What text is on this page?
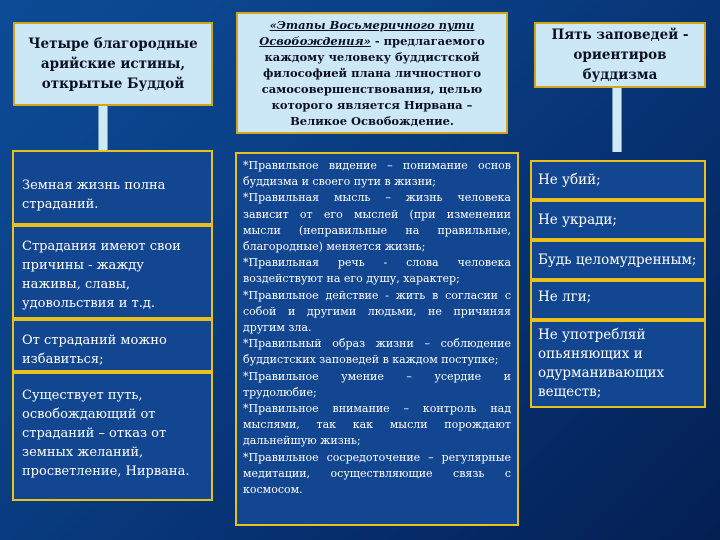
Четыре благородные арийские истины, открытые Буддой
«Этапы Восьмеричного пути Освобождения» - предлагаемого каждому человеку буддистской философией плана личностного самосовершенствования, целью которого является Нирвана – Великое Освобождение.
Пять заповедей - ориентиров буддизма
Земная жизнь полна страданий.
Страдания имеют свои причины - жажду наживы, славы, удовольствия и т.д.
От страданий можно избавиться;
Существует путь, освобождающий от страданий – отказ от земных желаний, просветление, Нирвана.
*Правильное видение – понимание основ буддизма и своего пути в жизни;
*Правильная мысль – жизнь человека зависит от его мыслей (при изменении мысли (неправильные на правильные, благородные) меняется жизнь;
*Правильная речь - слова человека воздействуют на его душу, характер;
*Правильное действие - жить в согласии с собой и другими людьми, не причиняя другим зла.
*Правильный образ жизни – соблюдение буддистских заповедей в каждом поступке;
*Правильное умение – усердие и трудолюбие;
*Правильное внимание – контроль над мыслями, так как мысли порождают дальнейшую жизнь;
*Правильное сосредоточение – регулярные медитации, осуществляющие связь с космосом.
Не убий;
Не укради;
Будь целомудренным;
Не лги;
Не употребляй опьяняющих и одурманивающих веществ;
